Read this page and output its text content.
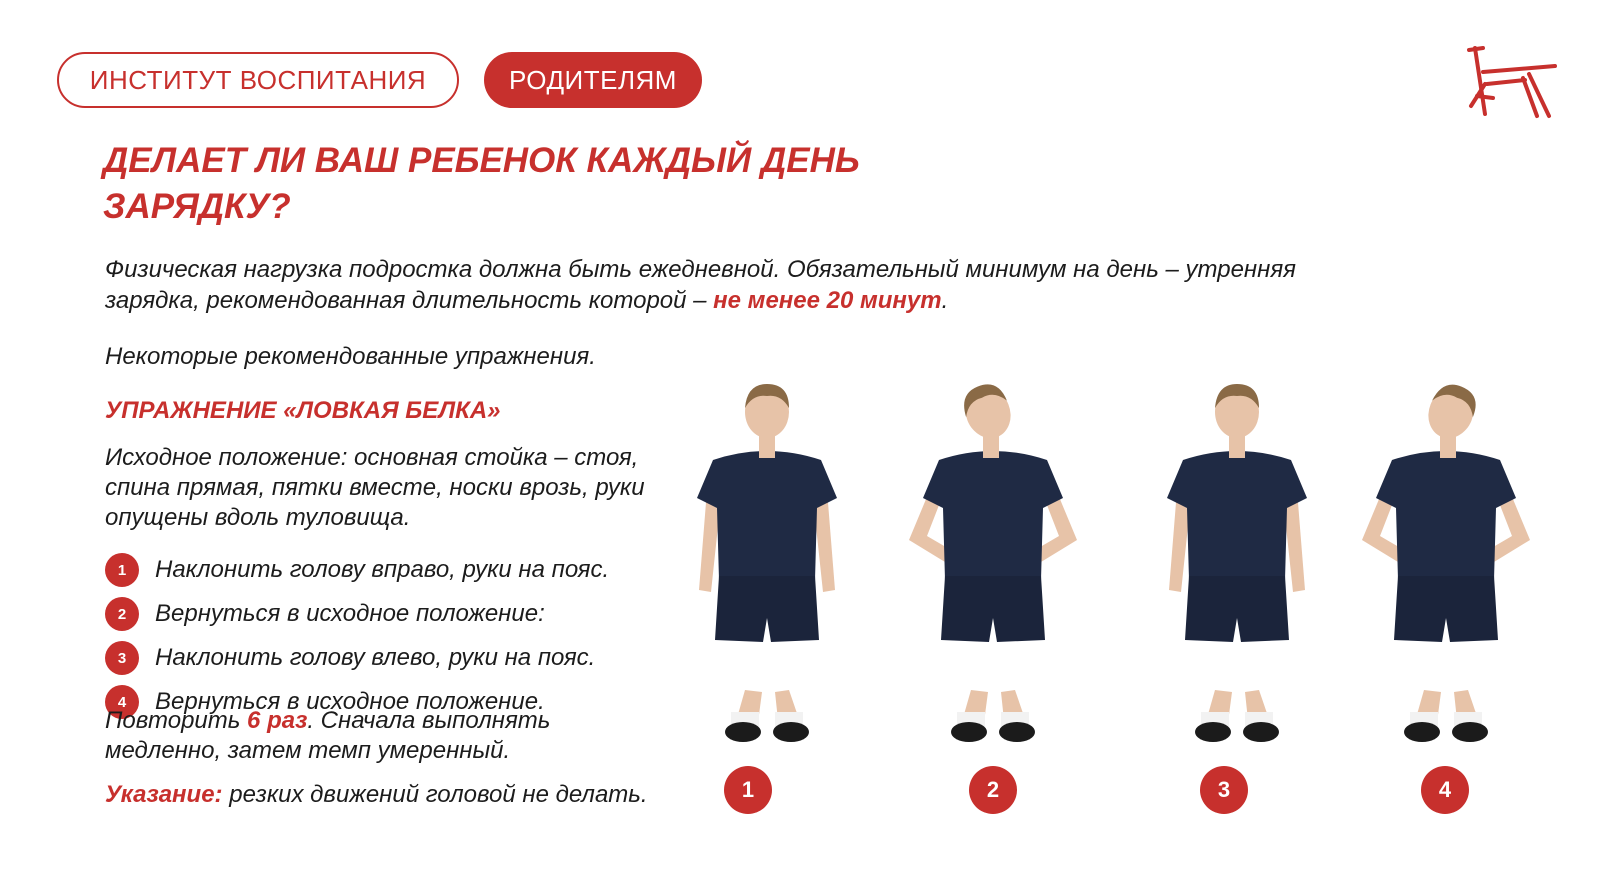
ИНСТИТУТ ВОСПИТАНИЯ	РОДИТЕЛЯМ
ДЕЛАЕТ ЛИ ВАШ РЕБЕНОК КАЖДЫЙ ДЕНЬ ЗАРЯДКУ?

Физическая нагрузка подростка должна быть ежедневной. Обязательный минимум на день – утренняя зарядка, рекомендованная длительность которой – не менее 20 минут.

Некоторые рекомендованные упражнения.

УПРАЖНЕНИЕ «ЛОВКАЯ БЕЛКА»

Исходное положение: основная стойка – стоя, спина прямая, пятки вместе, носки врозь, руки опущены вдоль туловища.

1	Наклонить голову вправо, руки на пояс.
2	Вернуться в исходное положение:
3	Наклонить голову влево, руки на пояс.
4	Вернуться в исходное положение.

Повторить 6 раз. Сначала выполнять медленно, затем темп умеренный.

Указание: резких движений головой не делать.	1	2	3	4
